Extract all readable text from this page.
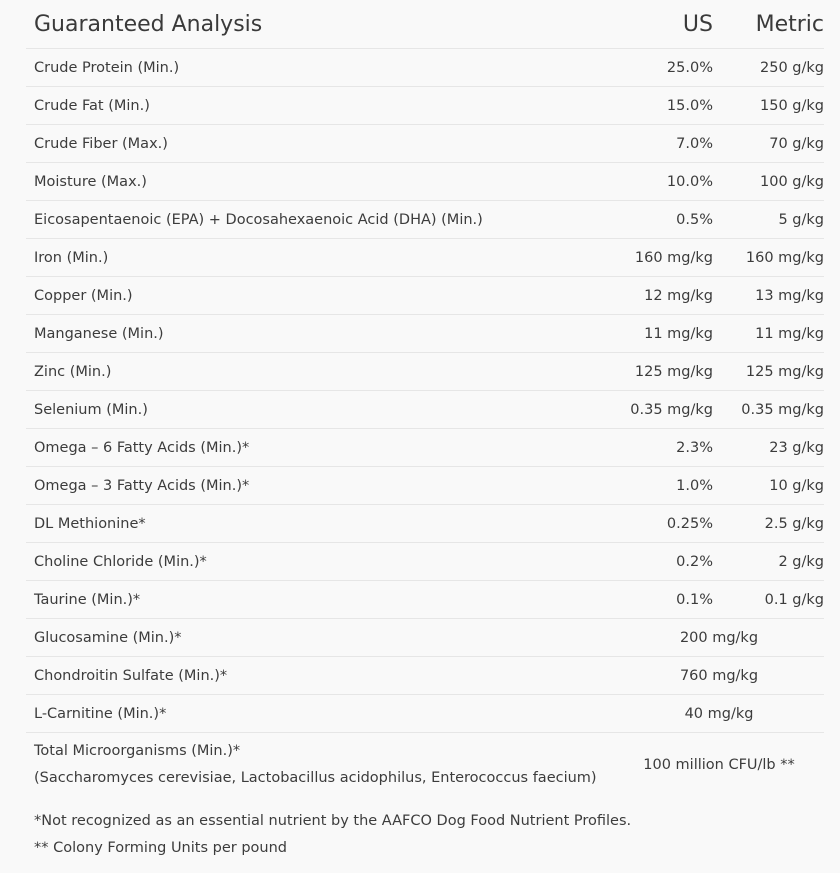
Guaranteed Analysis	US	Metric
Crude Protein (Min.)	25.0%	250 g/kg
Crude Fat (Min.)	15.0%	150 g/kg
Crude Fiber (Max.)	7.0%	70 g/kg
Moisture (Max.)	10.0%	100 g/kg
Eicosapentaenoic (EPA) + Docosahexaenoic Acid (DHA) (Min.)	0.5%	5 g/kg
Iron (Min.)	160 mg/kg	160 mg/kg
Copper (Min.)	12 mg/kg	13 mg/kg
Manganese (Min.)	11 mg/kg	11 mg/kg
Zinc (Min.)	125 mg/kg	125 mg/kg
Selenium (Min.)	0.35 mg/kg	0.35 mg/kg
Omega – 6 Fatty Acids (Min.)*	2.3%	23 g/kg
Omega – 3 Fatty Acids (Min.)*	1.0%	10 g/kg
DL Methionine*	0.25%	2.5 g/kg
Choline Chloride (Min.)*	0.2%	2 g/kg
Taurine (Min.)*	0.1%	0.1 g/kg
Glucosamine (Min.)*	200 mg/kg	
Chondroitin Sulfate (Min.)*	760 mg/kg	
L-Carnitine (Min.)*	40 mg/kg	

Total Microorganisms (Min.)*
(Saccharomyces cerevisiae, Lactobacillus acidophilus, Enterococcus faecium)	100 million CFU/lb **	
*Not recognized as an essential nutrient by the AAFCO Dog Food Nutrient Profiles.
** Colony Forming Units per pound
